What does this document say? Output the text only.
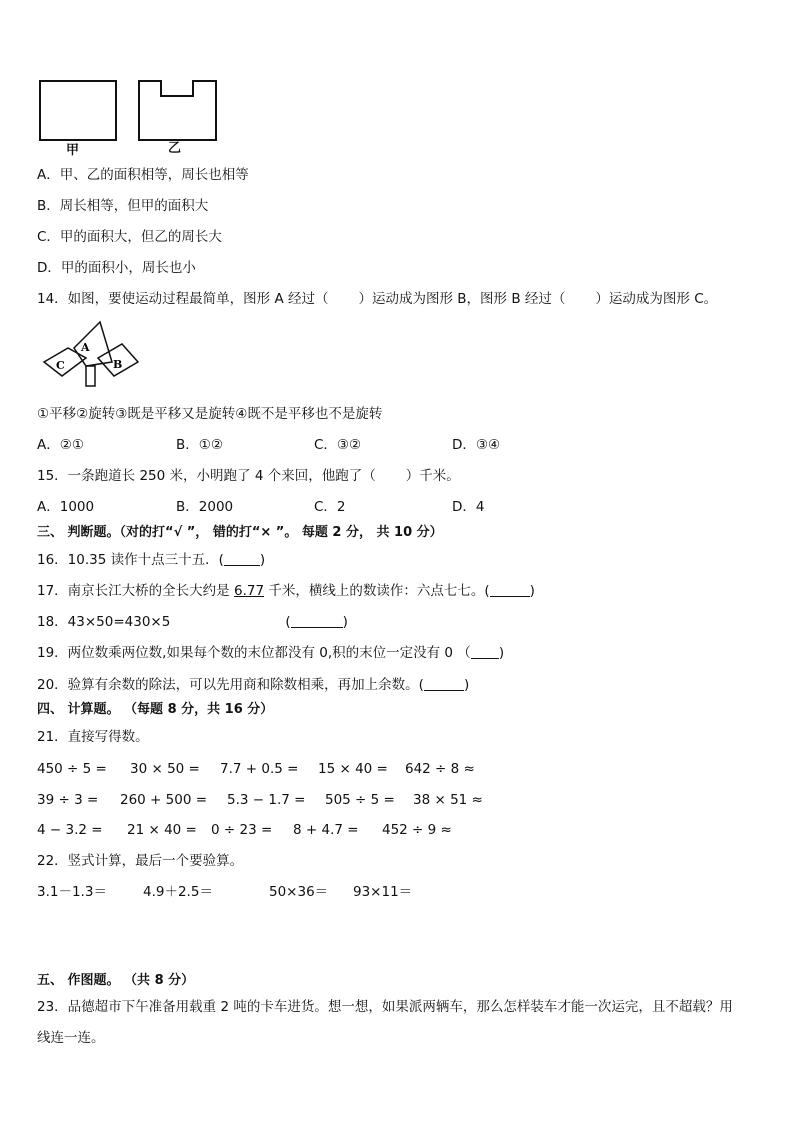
甲	乙
A．甲、乙的面积相等，周长也相等
B．周长相等，但甲的面积大
C．甲的面积大，但乙的周长大
D．甲的面积小，周长也小
14．如图，要使运动过程最简单，图形 A 经过（ ）运动成为图形 B，图形 B 经过（ ）运动成为图形 C。
A
B
C
①平移②旋转③既是平移又是旋转④既不是平移也不是旋转
A．②①	B．①②	C．③②	D．③④
15．一条跑道长 250 米，小明跑了 4 个来回，他跑了（ ）千米。
A．1000	B．2000	C．2	D．4
三、 判断题。（对的打“√ ”， 错的打“× ”。 每题 2 分， 共 10 分）
16．10.35 读作十点三十五．(	)
17．南京长江大桥的全长大约是 6.77 千米，横线上的数读作：六点七七。(	)
18．43×50=430×5	(	)
19．两位数乘两位数,如果每个数的末位都没有 0,积的末位一定没有 0 （ )
20．验算有余数的除法，可以先用商和除数相乘，再加上余数。(	)
四、 计算题。 （每题 8 分，共 16 分）
21．直接写得数。
450 ÷ 5 = 30 × 50 = 7.7 + 0.5 = 15 × 40 = 642 ÷ 8 ≈
39 ÷ 3 = 260 + 500 = 5.3 − 1.7 = 505 ÷ 5 = 38 × 51 ≈
4 − 3.2 = 21 × 40 = 0 ÷ 23 = 8 + 4.7 = 452 ÷ 9 ≈
22．竖式计算，最后一个要验算。
3.1－1.3＝	4.9＋2.5＝	50×36＝ 93×11＝
五、 作图题。 （共 8 分）
23．品德超市下午准备用载重 2 吨的卡车进货。想一想，如果派两辆车，那么怎样装车才能一次运完，且不超载？用
线连一连。
